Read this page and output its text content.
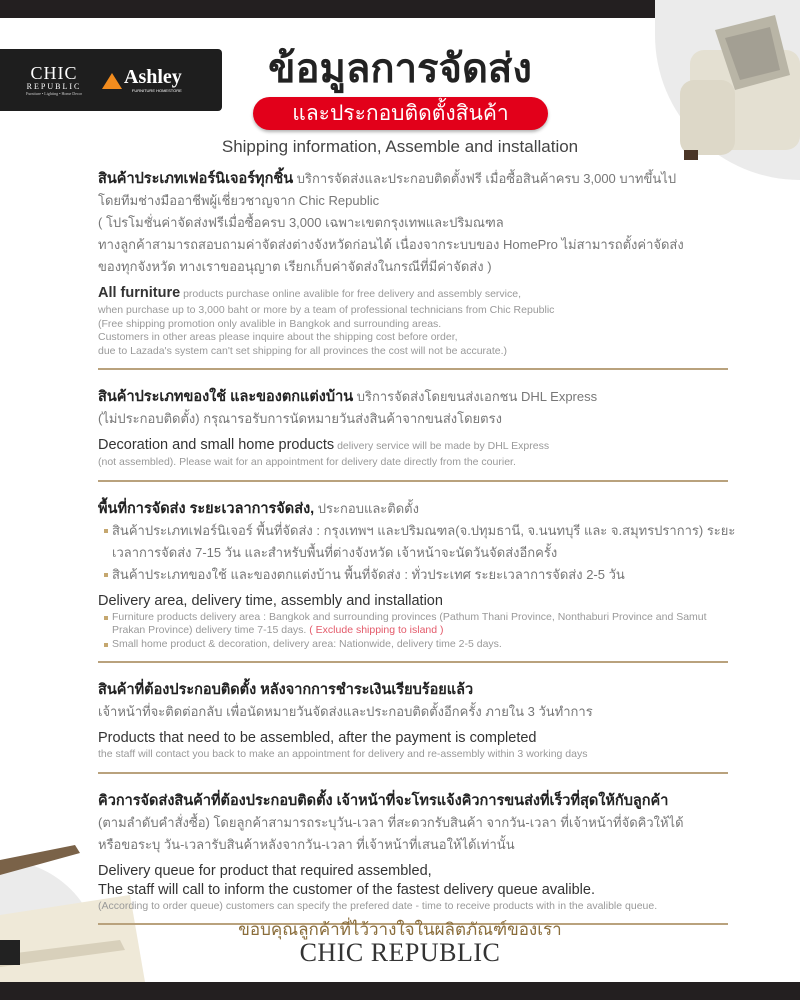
CHIC
REPUBLIC
Furniture • Lighting • Home Decor
Ashley
FURNITURE HOMESTORE	ข้อมูลการจัดส่ง
และประกอบติดตั้งสินค้า
Shipping information, Assemble and installation
สินค้าประเภทเฟอร์นิเจอร์ทุกชิ้น บริการจัดส่งและประกอบติดตั้งฟรี เมื่อซื้อสินค้าครบ 3,000 บาทขึ้นไป
โดยทีมช่างมืออาชีพผู้เชี่ยวชาญจาก Chic Republic
( โปรโมชั่นค่าจัดส่งฟรีเมื่อซื้อครบ 3,000 เฉพาะเขตกรุงเทพและปริมณฑล
ทางลูกค้าสามารถสอบถามค่าจัดส่งต่างจังหวัดก่อนได้ เนื่องจากระบบของ HomePro ไม่สามารถตั้งค่าจัดส่ง
ของทุกจังหวัด ทางเราขออนุญาต เรียกเก็บค่าจัดส่งในกรณีที่มีค่าจัดส่ง )
All furniture products purchase online avalible for free delivery and assembly service,
when purchase up to 3,000 baht or more by a team of professional technicians from Chic Republic
(Free shipping promotion only avalible in Bangkok and surrounding areas.
Customers in other areas please inquire about the shipping cost before order,
due to Lazada's system can't set shipping for all provinces the cost will not be accurate.)
สินค้าประเภทของใช้ และของตกแต่งบ้าน บริการจัดส่งโดยขนส่งเอกชน DHL Express
(ไม่ประกอบติดตั้ง) กรุณารอรับการนัดหมายวันส่งสินค้าจากขนส่งโดยตรง
Decoration and small home products delivery service will be made by DHL Express
(not assembled). Please wait for an appointment for delivery date directly from the courier.
พื้นที่การจัดส่ง ระยะเวลาการจัดส่ง, ประกอบและติดตั้ง
สินค้าประเภทเฟอร์นิเจอร์ พื้นที่จัดส่ง : กรุงเทพฯ และปริมณฑล(จ.ปทุมธานี, จ.นนทบุรี และ จ.สมุทรปราการ) ระยะเวลาการจัดส่ง 7-15 วัน และสำหรับพื้นที่ต่างจังหวัด เจ้าหน้าจะนัดวันจัดส่งอีกครั้ง
สินค้าประเภทของใช้ และของตกแต่งบ้าน พื้นที่จัดส่ง : ทั่วประเทศ ระยะเวลาการจัดส่ง 2-5 วัน
Delivery area, delivery time, assembly and installation
Furniture products delivery area : Bangkok and surrounding provinces (Pathum Thani Province, Nonthaburi Province and Samut Prakan Province) delivery time 7-15 days. ( Exclude shipping to island )
Small home product & decoration, delivery area: Nationwide, delivery time 2-5 days.
สินค้าที่ต้องประกอบติดตั้ง หลังจากการชำระเงินเรียบร้อยแล้ว
เจ้าหน้าที่จะติดต่อกลับ เพื่อนัดหมายวันจัดส่งและประกอบติดตั้งอีกครั้ง ภายใน 3 วันทำการ
Products that need to be assembled, after the payment is completed
the staff will contact you back to make an appointment for delivery and re-assembly within 3 working days
คิวการจัดส่งสินค้าที่ต้องประกอบติดตั้ง เจ้าหน้าที่จะโทรแจ้งคิวการขนส่งที่เร็วที่สุดให้กับลูกค้า
(ตามลำดับคำสั่งซื้อ) โดยลูกค้าสามารถระบุวัน-เวลา ที่สะดวกรับสินค้า จากวัน-เวลา ที่เจ้าหน้าที่จัดคิวให้ได้
หรือขอระบุ วัน-เวลารับสินค้าหลังจากวัน-เวลา ที่เจ้าหน้าที่เสนอให้ได้เท่านั้น
Delivery queue for product that required assembled,
The staff will call to inform the customer of the fastest delivery queue avalible.
(According to order queue) customers can specify the prefered date - time to receive products with in the avalible queue.
ขอบคุณลูกค้าที่ไว้วางใจในผลิตภัณฑ์ของเรา
CHIC REPUBLIC
